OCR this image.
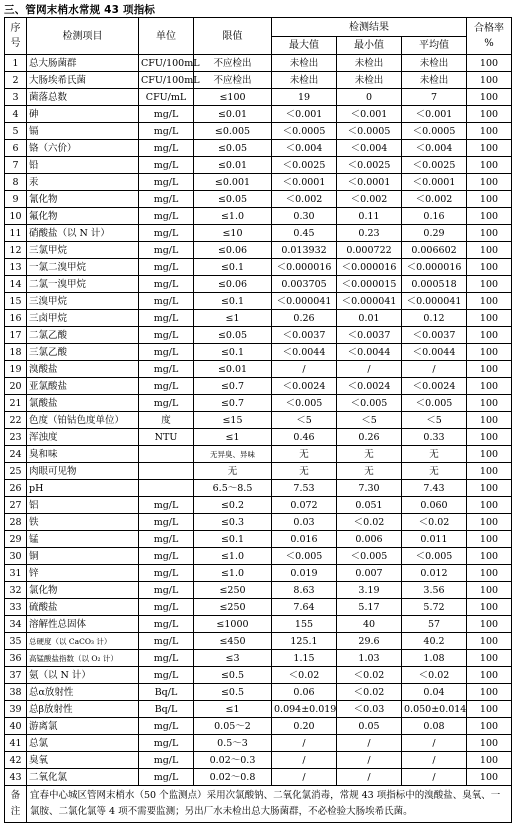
三、管网末梢水常规 43 项指标
序
号	检测项目	单位	限值	检测结果			合格率
%
				最大值	最小值	平均值	
1	总大肠菌群	CFU/100mL	不应检出	未检出	未检出	未检出	100
2	大肠埃希氏菌	CFU/100mL	不应检出	未检出	未检出	未检出	100
3	菌落总数	CFU/mL	≤100	19	0	7	100
4	砷	mg/L	≤0.01	＜0.001	＜0.001	＜0.001	100
5	镉	mg/L	≤0.005	＜0.0005	＜0.0005	＜0.0005	100
6	铬（六价）	mg/L	≤0.05	＜0.004	＜0.004	＜0.004	100
7	铅	mg/L	≤0.01	＜0.0025	＜0.0025	＜0.0025	100
8	汞	mg/L	≤0.001	＜0.0001	＜0.0001	＜0.0001	100
9	氰化物	mg/L	≤0.05	＜0.002	＜0.002	＜0.002	100
10	氟化物	mg/L	≤1.0	0.30	0.11	0.16	100
11	硝酸盐（以 N 计）	mg/L	≤10	0.45	0.23	0.29	100
12	三氯甲烷	mg/L	≤0.06	0.013932	0.000722	0.006602	100
13	一氯二溴甲烷	mg/L	≤0.1	＜0.000016	＜0.000016	＜0.000016	100
14	二氯一溴甲烷	mg/L	≤0.06	0.003705	＜0.000015	0.000518	100
15	三溴甲烷	mg/L	≤0.1	＜0.000041	＜0.000041	＜0.000041	100
16	三卤甲烷	mg/L	≤1	0.26	0.01	0.12	100
17	二氯乙酸	mg/L	≤0.05	＜0.0037	＜0.0037	＜0.0037	100
18	三氯乙酸	mg/L	≤0.1	＜0.0044	＜0.0044	＜0.0044	100
19	溴酸盐	mg/L	≤0.01	/	/	/	100
20	亚氯酸盐	mg/L	≤0.7	＜0.0024	＜0.0024	＜0.0024	100
21	氯酸盐	mg/L	≤0.7	＜0.005	＜0.005	＜0.005	100
22	色度（铂钴色度单位）	度	≤15	＜5	＜5	＜5	100
23	浑浊度	NTU	≤1	0.46	0.26	0.33	100
24	臭和味		无异臭、异味	无	无	无	100
25	肉眼可见物		无	无	无	无	100
26	pH		6.5～8.5	7.53	7.30	7.43	100
27	铝	mg/L	≤0.2	0.072	0.051	0.060	100
28	铁	mg/L	≤0.3	0.03	＜0.02	＜0.02	100
29	锰	mg/L	≤0.1	0.016	0.006	0.011	100
30	铜	mg/L	≤1.0	＜0.005	＜0.005	＜0.005	100
31	锌	mg/L	≤1.0	0.019	0.007	0.012	100
32	氯化物	mg/L	≤250	8.63	3.19	3.56	100
33	硫酸盐	mg/L	≤250	7.64	5.17	5.72	100
34	溶解性总固体	mg/L	≤1000	155	40	57	100
35	总硬度（以 CaCO₃ 计）	mg/L	≤450	125.1	29.6	40.2	100
36	高锰酸盐指数（以 O₂ 计）	mg/L	≤3	1.15	1.03	1.08	100
37	氨（以 N 计）	mg/L	≤0.5	＜0.02	＜0.02	＜0.02	100
38	总α放射性	Bq/L	≤0.5	0.06	＜0.02	0.04	100
39	总β放射性	Bq/L	≤1	0.094±0.019	＜0.03	0.050±0.014	100
40	游离氯	mg/L	0.05～2	0.20	0.05	0.08	100
41	总氯	mg/L	0.5～3	/	/	/	100
42	臭氧	mg/L	0.02～0.3	/	/	/	100
43	二氧化氯	mg/L	0.02～0.8	/	/	/	100
备
注	宜春中心城区管网末梢水（50 个监测点）采用次氯酸钠、二氧化氯消毒，常规 43 项指标中的溴酸盐、臭氧、一氯胺、二氯化氯等 4 项不需要监测；另出厂水未检出总大肠菌群，不必检验大肠埃希氏菌。						
